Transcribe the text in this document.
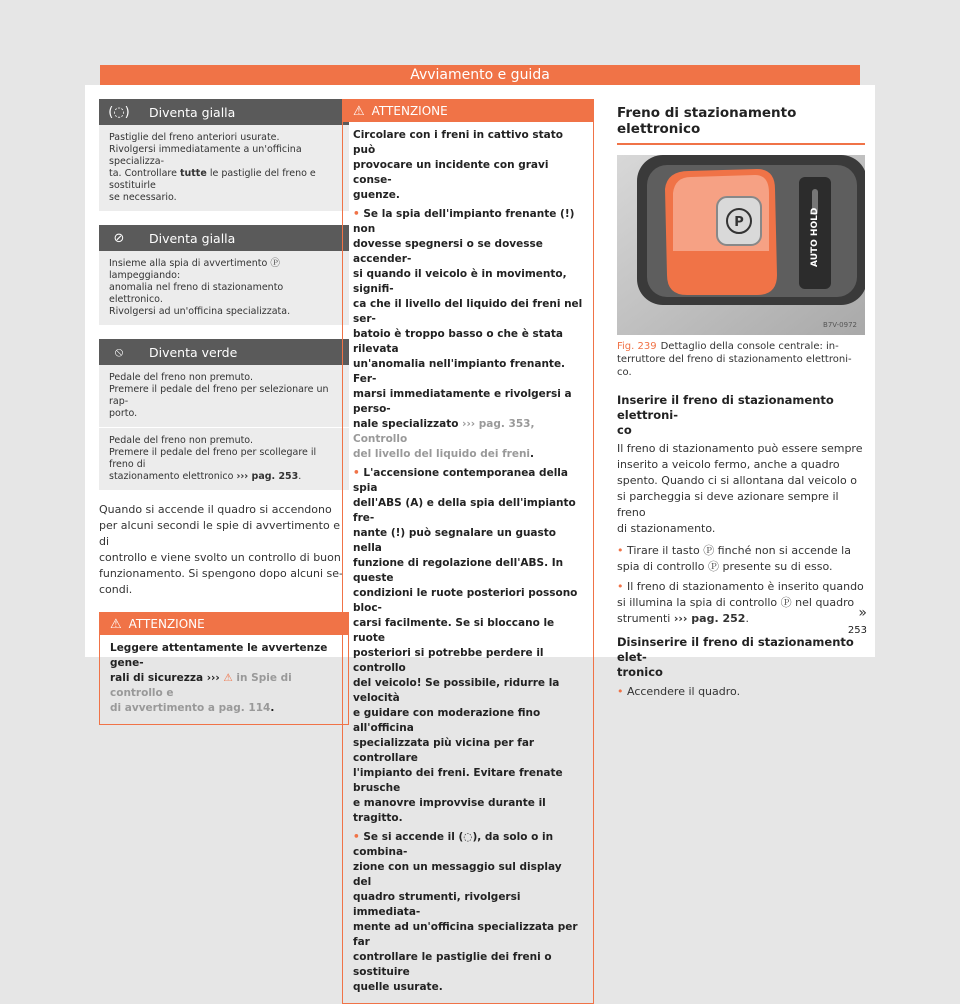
Avviamento e guida
(◌)	Diventa gialla
Pastiglie del freno anteriori usurate.
Rivolgersi immediatamente a un'officina specializza-
ta. Controllare tutte le pastiglie del freno e sostituirle
se necessario.
⊘	Diventa gialla
Insieme alla spia di avvertimento Ⓟ lampeggiando:
anomalia nel freno di stazionamento elettronico.
Rivolgersi ad un'officina specializzata.
⦸	Diventa verde
Pedale del freno non premuto.
Premere il pedale del freno per selezionare un rap-
porto.
Pedale del freno non premuto.
Premere il pedale del freno per scollegare il freno di
stazionamento elettronico ››› pag. 253.
Quando si accende il quadro si accendono
per alcuni secondi le spie di avvertimento e di
controllo e viene svolto un controllo di buon
funzionamento. Si spengono dopo alcuni se-
condi.
⚠ ATTENZIONE
Leggere attentamente le avvertenze gene-
rali di sicurezza ››› ⚠ in Spie di controllo e
di avvertimento a pag. 114.
⚠ ATTENZIONE

Circolare con i freni in cattivo stato può
provocare un incidente con gravi conse-
guenze.

• Se la spia dell'impianto frenante (!) non
dovesse spegnersi o se dovesse accender-
si quando il veicolo è in movimento, signifi-
ca che il livello del liquido dei freni nel ser-
batoio è troppo basso o che è stata rilevata
un'anomalia nell'impianto frenante. Fer-
marsi immediatamente e rivolgersi a perso-
nale specializzato ››› pag. 353, Controllo
del livello del liquido dei freni.

• L'accensione contemporanea della spia
dell'ABS (A) e della spia dell'impianto fre-
nante (!) può segnalare un guasto nella
funzione di regolazione dell'ABS. In queste
condizioni le ruote posteriori possono bloc-
carsi facilmente. Se si bloccano le ruote
posteriori si potrebbe perdere il controllo
del veicolo! Se possibile, ridurre la velocità
e guidare con moderazione fino all'officina
specializzata più vicina per far controllare
l'impianto dei freni. Evitare frenate brusche
e manovre improvvise durante il tragitto.

• Se si accende il (◌), da solo o in combina-
zione con un messaggio sul display del
quadro strumenti, rivolgersi immediata-
mente ad un'officina specializzata per far
controllare le pastiglie dei freni o sostituire
quelle usurate.

Freno di stazionamento elettronico
P	AUTO HOLD
B7V-0972
Fig. 239 Dettaglio della console centrale: in-
terruttore del freno di stazionamento elettroni-
co.
Inserire il freno di stazionamento elettroni-
co
Il freno di stazionamento può essere sempre
inserito a veicolo fermo, anche a quadro
spento. Quando ci si allontana dal veicolo o
si parcheggia si deve azionare sempre il freno
di stazionamento.
• Tirare il tasto Ⓟ finché non si accende la
spia di controllo Ⓟ presente su di esso.
• Il freno di stazionamento è inserito quando
si illumina la spia di controllo Ⓟ nel quadro
strumenti ››› pag. 252.
Disinserire il freno di stazionamento elet-
tronico
• Accendere il quadro.
»
253
